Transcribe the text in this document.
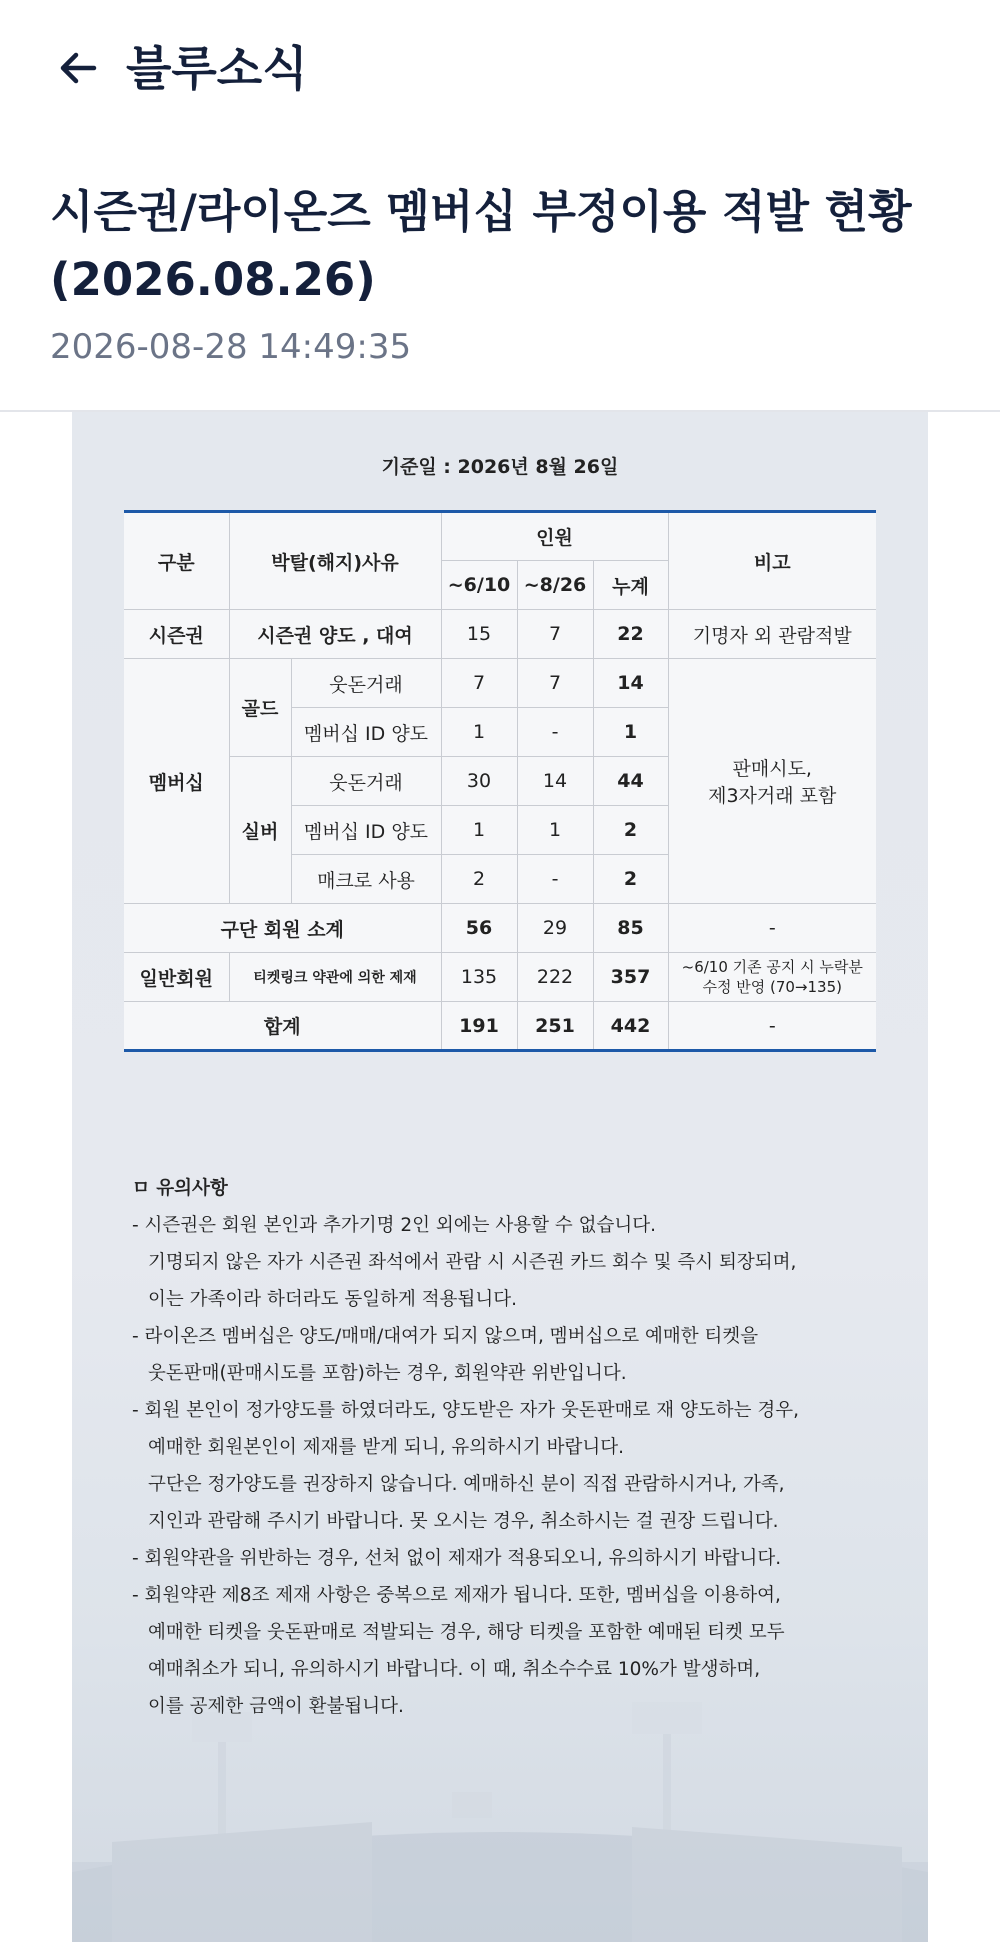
블루소식
시즌권/라이온즈 멤버십 부정이용 적발 현황 (2026.08.26)
2026-08-28 14:49:35
기준일 : 2026년 8월 26일
구분	박탈(해지)사유		인원			비고
			~6/10	~8/26	누계	
시즌권	시즌권 양도 , 대여		15	7	22	기명자 외 관람적발
멤버십	골드	웃돈거래	7	7	14	판매시도,
제3자거래 포함

		멤버십 ID 양도	1	-	1	
	실버	웃돈거래	30	14	44	
		멤버십 ID 양도	1	1	2	
		매크로 사용	2	-	2	
구단 회원 소계			56	29	85	-
일반회원	티켓링크 약관에 의한 제재		135	222	357	~6/10 기존 공지 시 누락분
수정 반영 (70→135)

합계			191	251	442	-
ㅁ 유의사항
- 시즌권은 회원 본인과 추가기명 2인 외에는 사용할 수 없습니다.
기명되지 않은 자가 시즌권 좌석에서 관람 시 시즌권 카드 회수 및 즉시 퇴장되며,
이는 가족이라 하더라도 동일하게 적용됩니다.
- 라이온즈 멤버십은 양도/매매/대여가 되지 않으며, 멤버십으로 예매한 티켓을
웃돈판매(판매시도를 포함)하는 경우, 회원약관 위반입니다.
- 회원 본인이 정가양도를 하였더라도, 양도받은 자가 웃돈판매로 재 양도하는 경우,
예매한 회원본인이 제재를 받게 되니, 유의하시기 바랍니다.
구단은 정가양도를 권장하지 않습니다. 예매하신 분이 직접 관람하시거나, 가족,
지인과 관람해 주시기 바랍니다. 못 오시는 경우, 취소하시는 걸 권장 드립니다.
- 회원약관을 위반하는 경우, 선처 없이 제재가 적용되오니, 유의하시기 바랍니다.
- 회원약관 제8조 제재 사항은 중복으로 제재가 됩니다. 또한, 멤버십을 이용하여,
예매한 티켓을 웃돈판매로 적발되는 경우, 해당 티켓을 포함한 예매된 티켓 모두
예매취소가 되니, 유의하시기 바랍니다. 이 때, 취소수수료 10%가 발생하며,
이를 공제한 금액이 환불됩니다.
